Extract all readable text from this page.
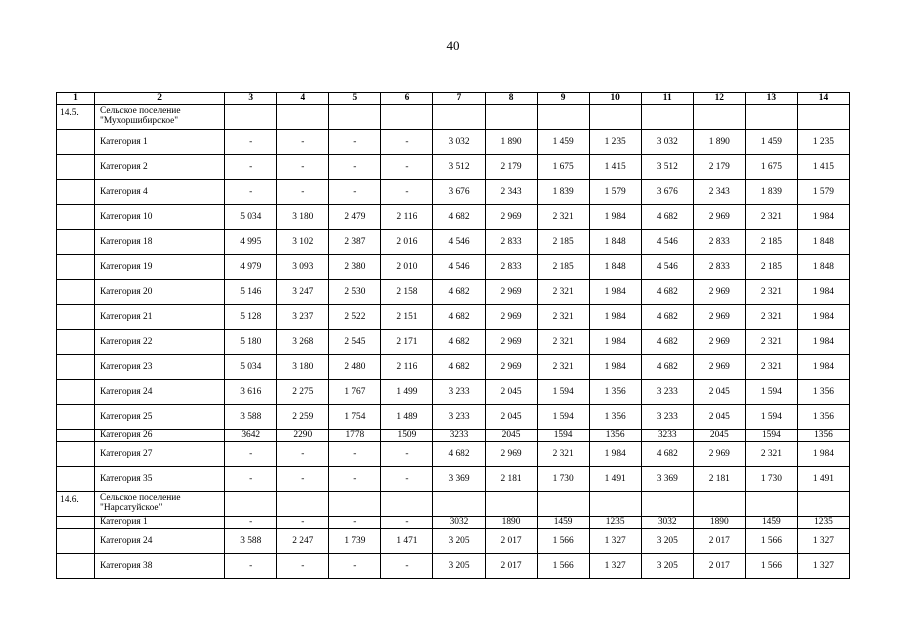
40
1	2	3	4	5	6	7	8	9	10	11	12	13	14
14.5.	Сельское поселение "Мухоршибирское"												
	Категория 1	-	-	-	-	3 032	1 890	1 459	1 235	3 032	1 890	1 459	1 235
	Категория 2	-	-	-	-	3 512	2 179	1 675	1 415	3 512	2 179	1 675	1 415
	Категория 4	-	-	-	-	3 676	2 343	1 839	1 579	3 676	2 343	1 839	1 579
	Категория 10	5 034	3 180	2 479	2 116	4 682	2 969	2 321	1 984	4 682	2 969	2 321	1 984
	Категория 18	4 995	3 102	2 387	2 016	4 546	2 833	2 185	1 848	4 546	2 833	2 185	1 848
	Категория 19	4 979	3 093	2 380	2 010	4 546	2 833	2 185	1 848	4 546	2 833	2 185	1 848
	Категория 20	5 146	3 247	2 530	2 158	4 682	2 969	2 321	1 984	4 682	2 969	2 321	1 984
	Категория 21	5 128	3 237	2 522	2 151	4 682	2 969	2 321	1 984	4 682	2 969	2 321	1 984
	Категория 22	5 180	3 268	2 545	2 171	4 682	2 969	2 321	1 984	4 682	2 969	2 321	1 984
	Категория 23	5 034	3 180	2 480	2 116	4 682	2 969	2 321	1 984	4 682	2 969	2 321	1 984
	Категория 24	3 616	2 275	1 767	1 499	3 233	2 045	1 594	1 356	3 233	2 045	1 594	1 356
	Категория 25	3 588	2 259	1 754	1 489	3 233	2 045	1 594	1 356	3 233	2 045	1 594	1 356
	Категория 26	3642	2290	1778	1509	3233	2045	1594	1356	3233	2045	1594	1356
	Категория 27	-	-	-	-	4 682	2 969	2 321	1 984	4 682	2 969	2 321	1 984
	Категория 35	-	-	-	-	3 369	2 181	1 730	1 491	3 369	2 181	1 730	1 491
14.6.	Сельское поселение "Нарсатуйское"												
	Категория 1	-	-	-	-	3032	1890	1459	1235	3032	1890	1459	1235
	Категория 24	3 588	2 247	1 739	1 471	3 205	2 017	1 566	1 327	3 205	2 017	1 566	1 327
	Категория 38	-	-	-	-	3 205	2 017	1 566	1 327	3 205	2 017	1 566	1 327
